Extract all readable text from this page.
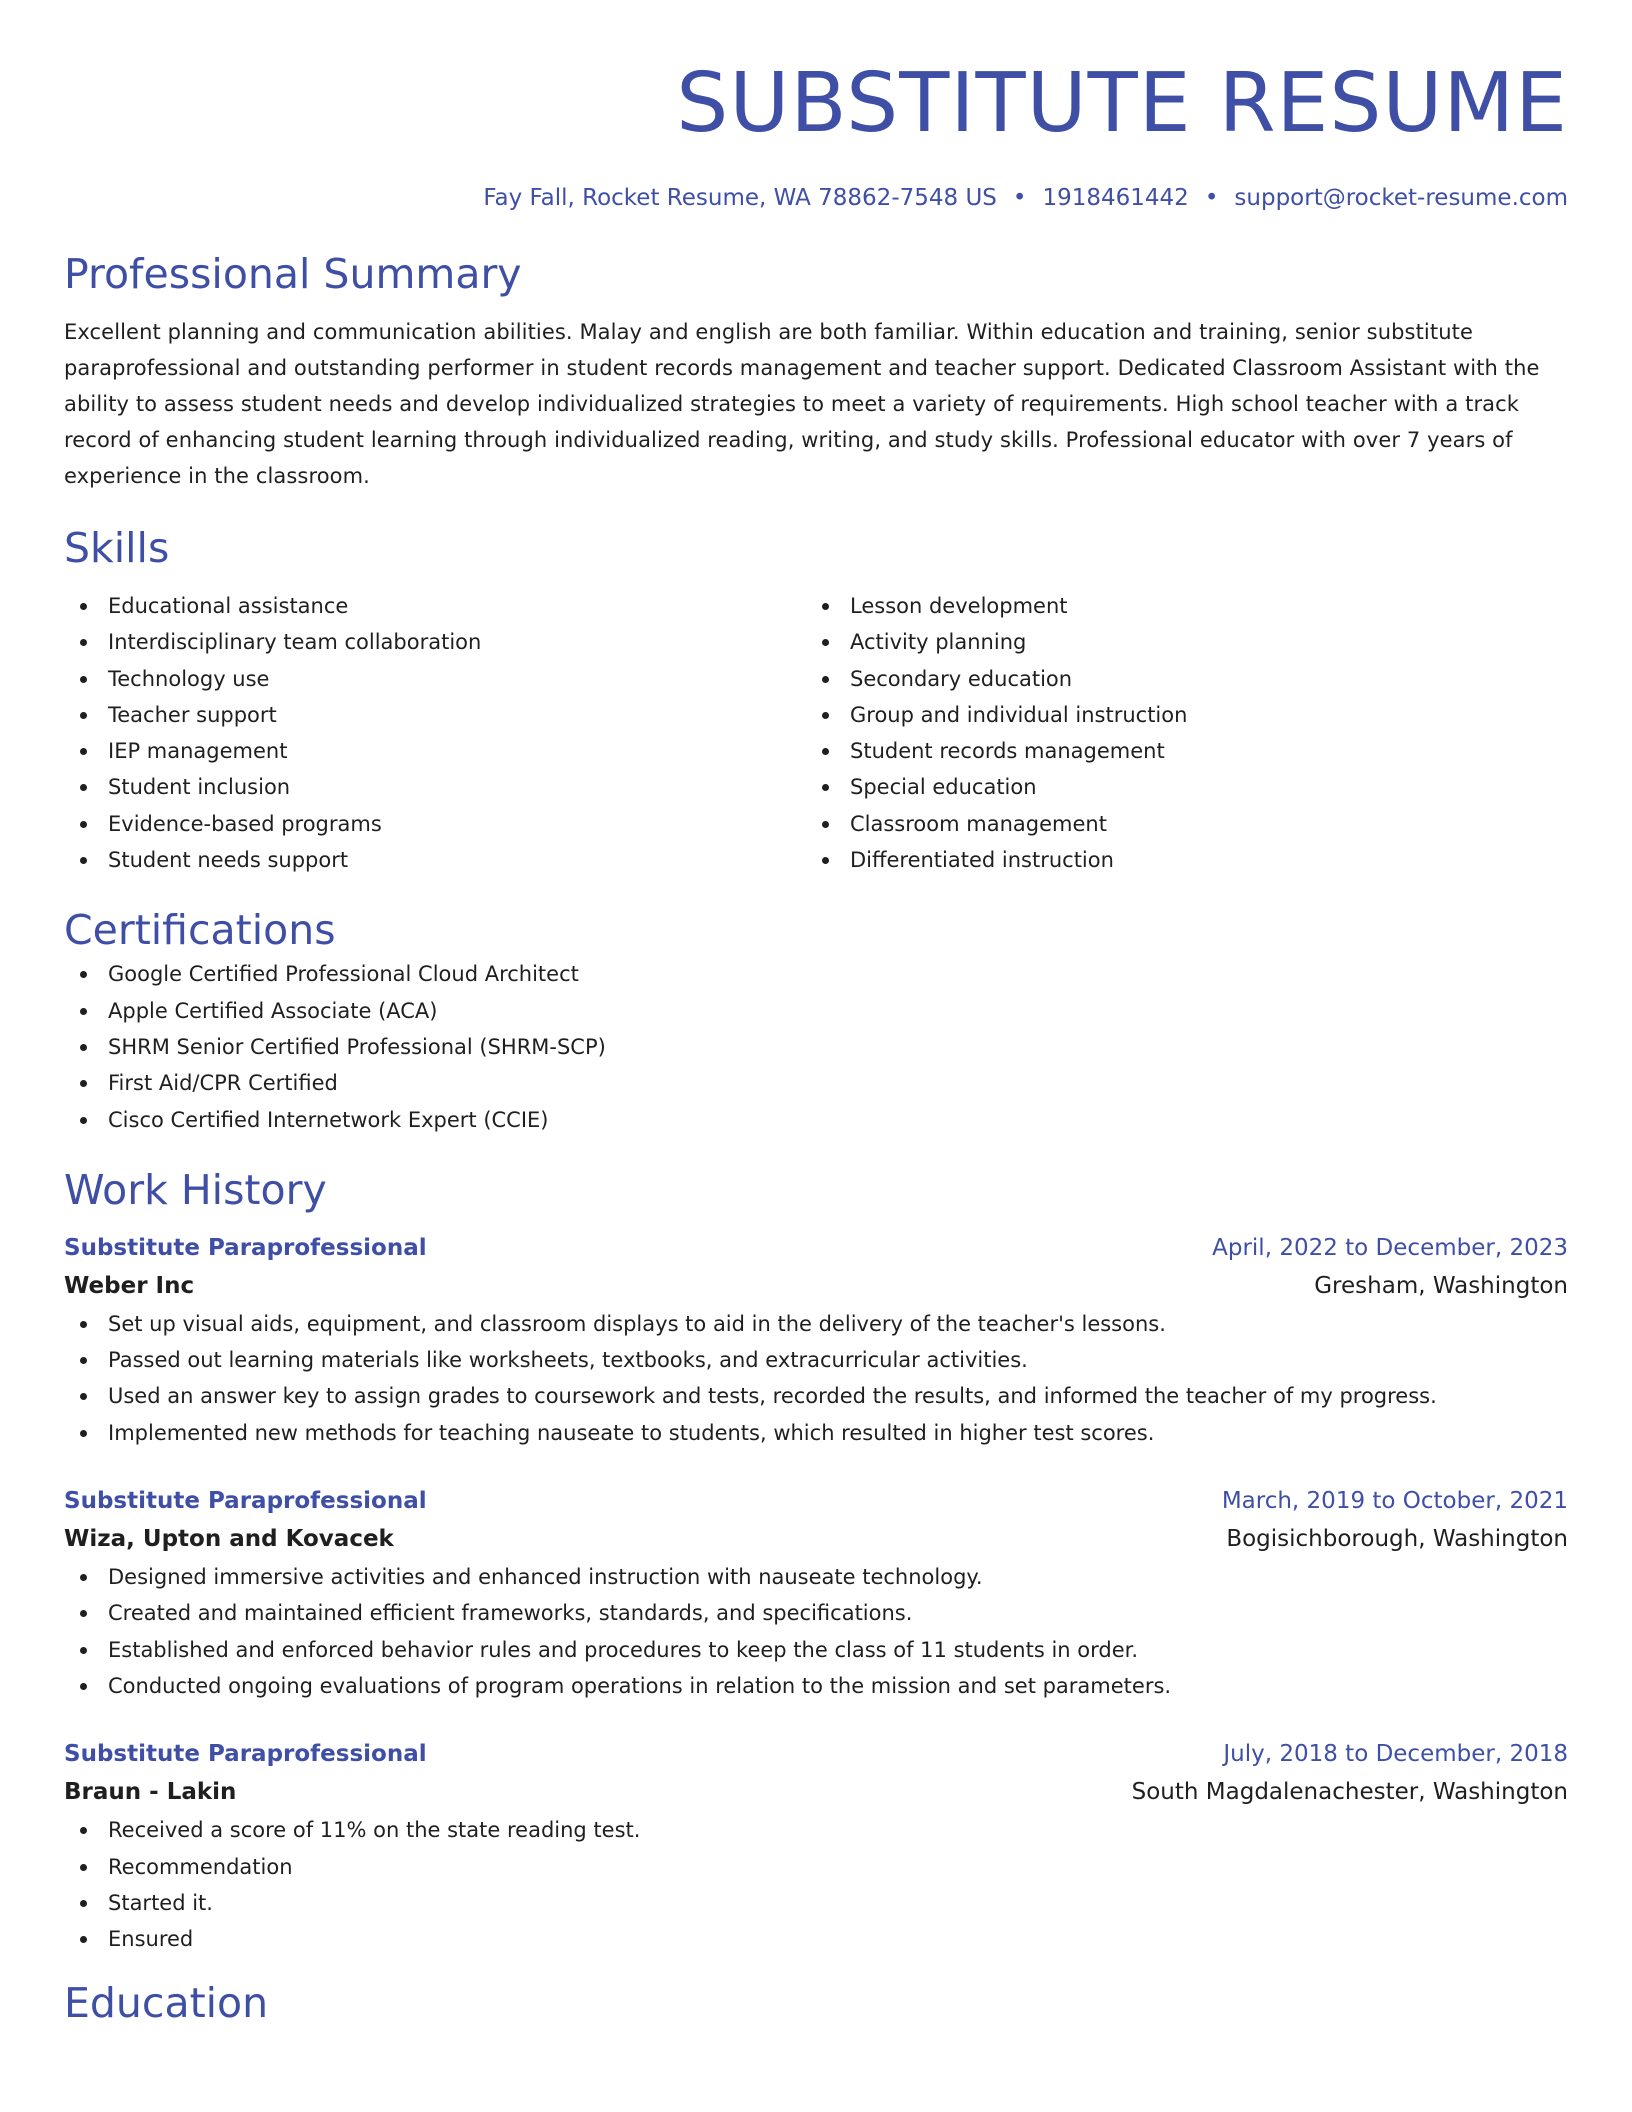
SUBSTITUTE RESUME
Fay Fall, Rocket Resume, WA 78862-7548 US • 1918461442 • support@rocket-resume.com
Professional Summary

Excellent planning and communication abilities. Malay and english are both familiar. Within education and training, senior substitute paraprofessional and outstanding performer in student records management and teacher support. Dedicated Classroom Assistant with the ability to assess student needs and develop individualized strategies to meet a variety of requirements. High school teacher with a track record of enhancing student learning through individualized reading, writing, and study skills. Professional educator with over 7 years of experience in the classroom.

Skills
Educational assistance
Interdisciplinary team collaboration
Technology use
Teacher support
IEP management
Student inclusion
Evidence-based programs
Student needs support
Lesson development
Activity planning
Secondary education
Group and individual instruction
Student records management
Special education
Classroom management
Differentiated instruction
Certifications
Google Certified Professional Cloud Architect
Apple Certified Associate (ACA)
SHRM Senior Certified Professional (SHRM-SCP)
First Aid/CPR Certified
Cisco Certified Internetwork Expert (CCIE)
Work History
Substitute Paraprofessional	April, 2022 to December, 2023
Weber Inc	Gresham, Washington
Set up visual aids, equipment, and classroom displays to aid in the delivery of the teacher's lessons.
Passed out learning materials like worksheets, textbooks, and extracurricular activities.
Used an answer key to assign grades to coursework and tests, recorded the results, and informed the teacher of my progress.
Implemented new methods for teaching nauseate to students, which resulted in higher test scores.
Substitute Paraprofessional	March, 2019 to October, 2021
Wiza, Upton and Kovacek	Bogisichborough, Washington
Designed immersive activities and enhanced instruction with nauseate technology.
Created and maintained efficient frameworks, standards, and specifications.
Established and enforced behavior rules and procedures to keep the class of 11 students in order.
Conducted ongoing evaluations of program operations in relation to the mission and set parameters.
Substitute Paraprofessional	July, 2018 to December, 2018
Braun - Lakin	South Magdalenachester, Washington
Received a score of 11% on the state reading test.
Recommendation
Started it.
Ensured
Education
